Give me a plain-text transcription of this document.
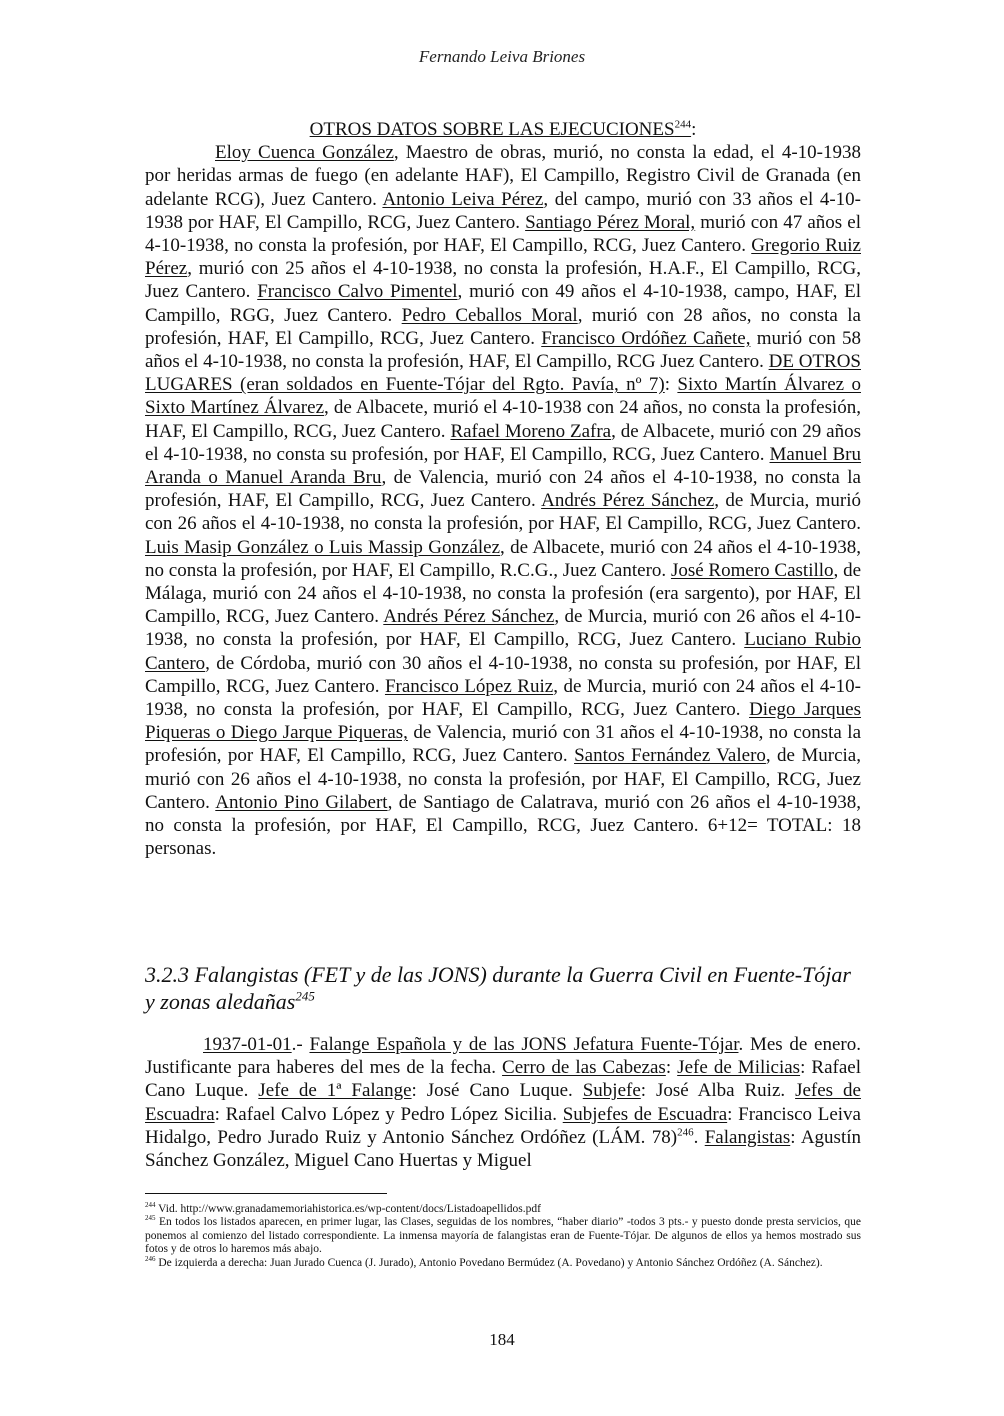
Fernando Leiva Briones
OTROS DATOS SOBRE LAS EJECUCIONES$^{244}$:

Eloy Cuenca González, Maestro de obras, murió, no consta la edad, el 4-10-1938 por heridas armas de fuego (en adelante HAF), El Campillo, Registro Civil de Granada (en adelante RCG), Juez Cantero. Antonio Leiva Pérez, del campo, murió con 33 años el 4-10-1938 por HAF, El Campillo, RCG, Juez Cantero. Santiago Pérez Moral, murió con 47 años el 4-10-1938, no consta la profesión, por HAF, El Campillo, RCG, Juez Cantero. Gregorio Ruiz Pérez, murió con 25 años el 4-10-1938, no consta la profesión, H.A.F., El Campillo, RCG, Juez Cantero. Francisco Calvo Pimentel, murió con 49 años el 4-10-1938, campo, HAF, El Campillo, RGG, Juez Cantero. Pedro Ceballos Moral, murió con 28 años, no consta la profesión, HAF, El Campillo, RCG, Juez Cantero. Francisco Ordóñez Cañete, murió con 58 años el 4-10-1938, no consta la profesión, HAF, El Campillo, RCG Juez Cantero. DE OTROS LUGARES (eran soldados en Fuente-Tójar del Rgto. Pavía, nº 7): Sixto Martín Álvarez o Sixto Martínez Álvarez, de Albacete, murió el 4-10-1938 con 24 años, no consta la profesión, HAF, El Campillo, RCG, Juez Cantero. Rafael Moreno Zafra, de Albacete, murió con 29 años el 4-10-1938, no consta su profesión, por HAF, El Campillo, RCG, Juez Cantero. Manuel Bru Aranda o Manuel Aranda Bru, de Valencia, murió con 24 años el 4-10-1938, no consta la profesión, HAF, El Campillo, RCG, Juez Cantero. Andrés Pérez Sánchez, de Murcia, murió con 26 años el 4-10-1938, no consta la profesión, por HAF, El Campillo, RCG, Juez Cantero. Luis Masip González o Luis Massip González, de Albacete, murió con 24 años el 4-10-1938, no consta la profesión, por HAF, El Campillo, R.C.G., Juez Cantero. José Romero Castillo, de Málaga, murió con 24 años el 4-10-1938, no consta la profesión (era sargento), por HAF, El Campillo, RCG, Juez Cantero. Andrés Pérez Sánchez, de Murcia, murió con 26 años el 4-10-1938, no consta la profesión, por HAF, El Campillo, RCG, Juez Cantero. Luciano Rubio Cantero, de Córdoba, murió con 30 años el 4-10-1938, no consta su profesión, por HAF, El Campillo, RCG, Juez Cantero. Francisco López Ruiz, de Murcia, murió con 24 años el 4-10-1938, no consta la profesión, por HAF, El Campillo, RCG, Juez Cantero. Diego Jarques Piqueras o Diego Jarque Piqueras, de Valencia, murió con 31 años el 4-10-1938, no consta la profesión, por HAF, El Campillo, RCG, Juez Cantero. Santos Fernández Valero, de Murcia, murió con 26 años el 4-10-1938, no consta la profesión, por HAF, El Campillo, RCG, Juez Cantero. Antonio Pino Gilabert, de Santiago de Calatrava, murió con 26 años el 4-10-1938, no consta la profesión, por HAF, El Campillo, RCG, Juez Cantero. 6+12= TOTAL: 18 personas.

3.2.3 Falangistas (FET y de las JONS) durante la Guerra Civil en Fuente-Tójar y zonas aledañas$^{245}$

1937-01-01.- Falange Española y de las JONS Jefatura Fuente-Tójar. Mes de enero. Justificante para haberes del mes de la fecha. Cerro de las Cabezas: Jefe de Milicias: Rafael Cano Luque. Jefe de 1ª Falange: José Cano Luque. Subjefe: José Alba Ruiz. Jefes de Escuadra: Rafael Calvo López y Pedro López Sicilia. Subjefes de Escuadra: Francisco Leiva Hidalgo, Pedro Jurado Ruiz y Antonio Sánchez Ordóñez (LÁM. 78)$^{246}$. Falangistas: Agustín Sánchez González, Miguel Cano Huertas y Miguel

$^{244}$ Vid. http://www.granadamemoriahistorica.es/wp-content/docs/Listadoapellidos.pdf

$^{245}$ En todos los listados aparecen, en primer lugar, las Clases, seguidas de los nombres, “haber diario” -todos 3 pts.- y puesto donde presta servicios, que ponemos al comienzo del listado correspondiente. La inmensa mayoría de falangistas eran de Fuente-Tójar. De algunos de ellos ya hemos mostrado sus fotos y de otros lo haremos más abajo.

$^{246}$ De izquierda a derecha: Juan Jurado Cuenca (J. Jurado), Antonio Povedano Bermúdez (A. Povedano) y Antonio Sánchez Ordóñez (A. Sánchez).

184
